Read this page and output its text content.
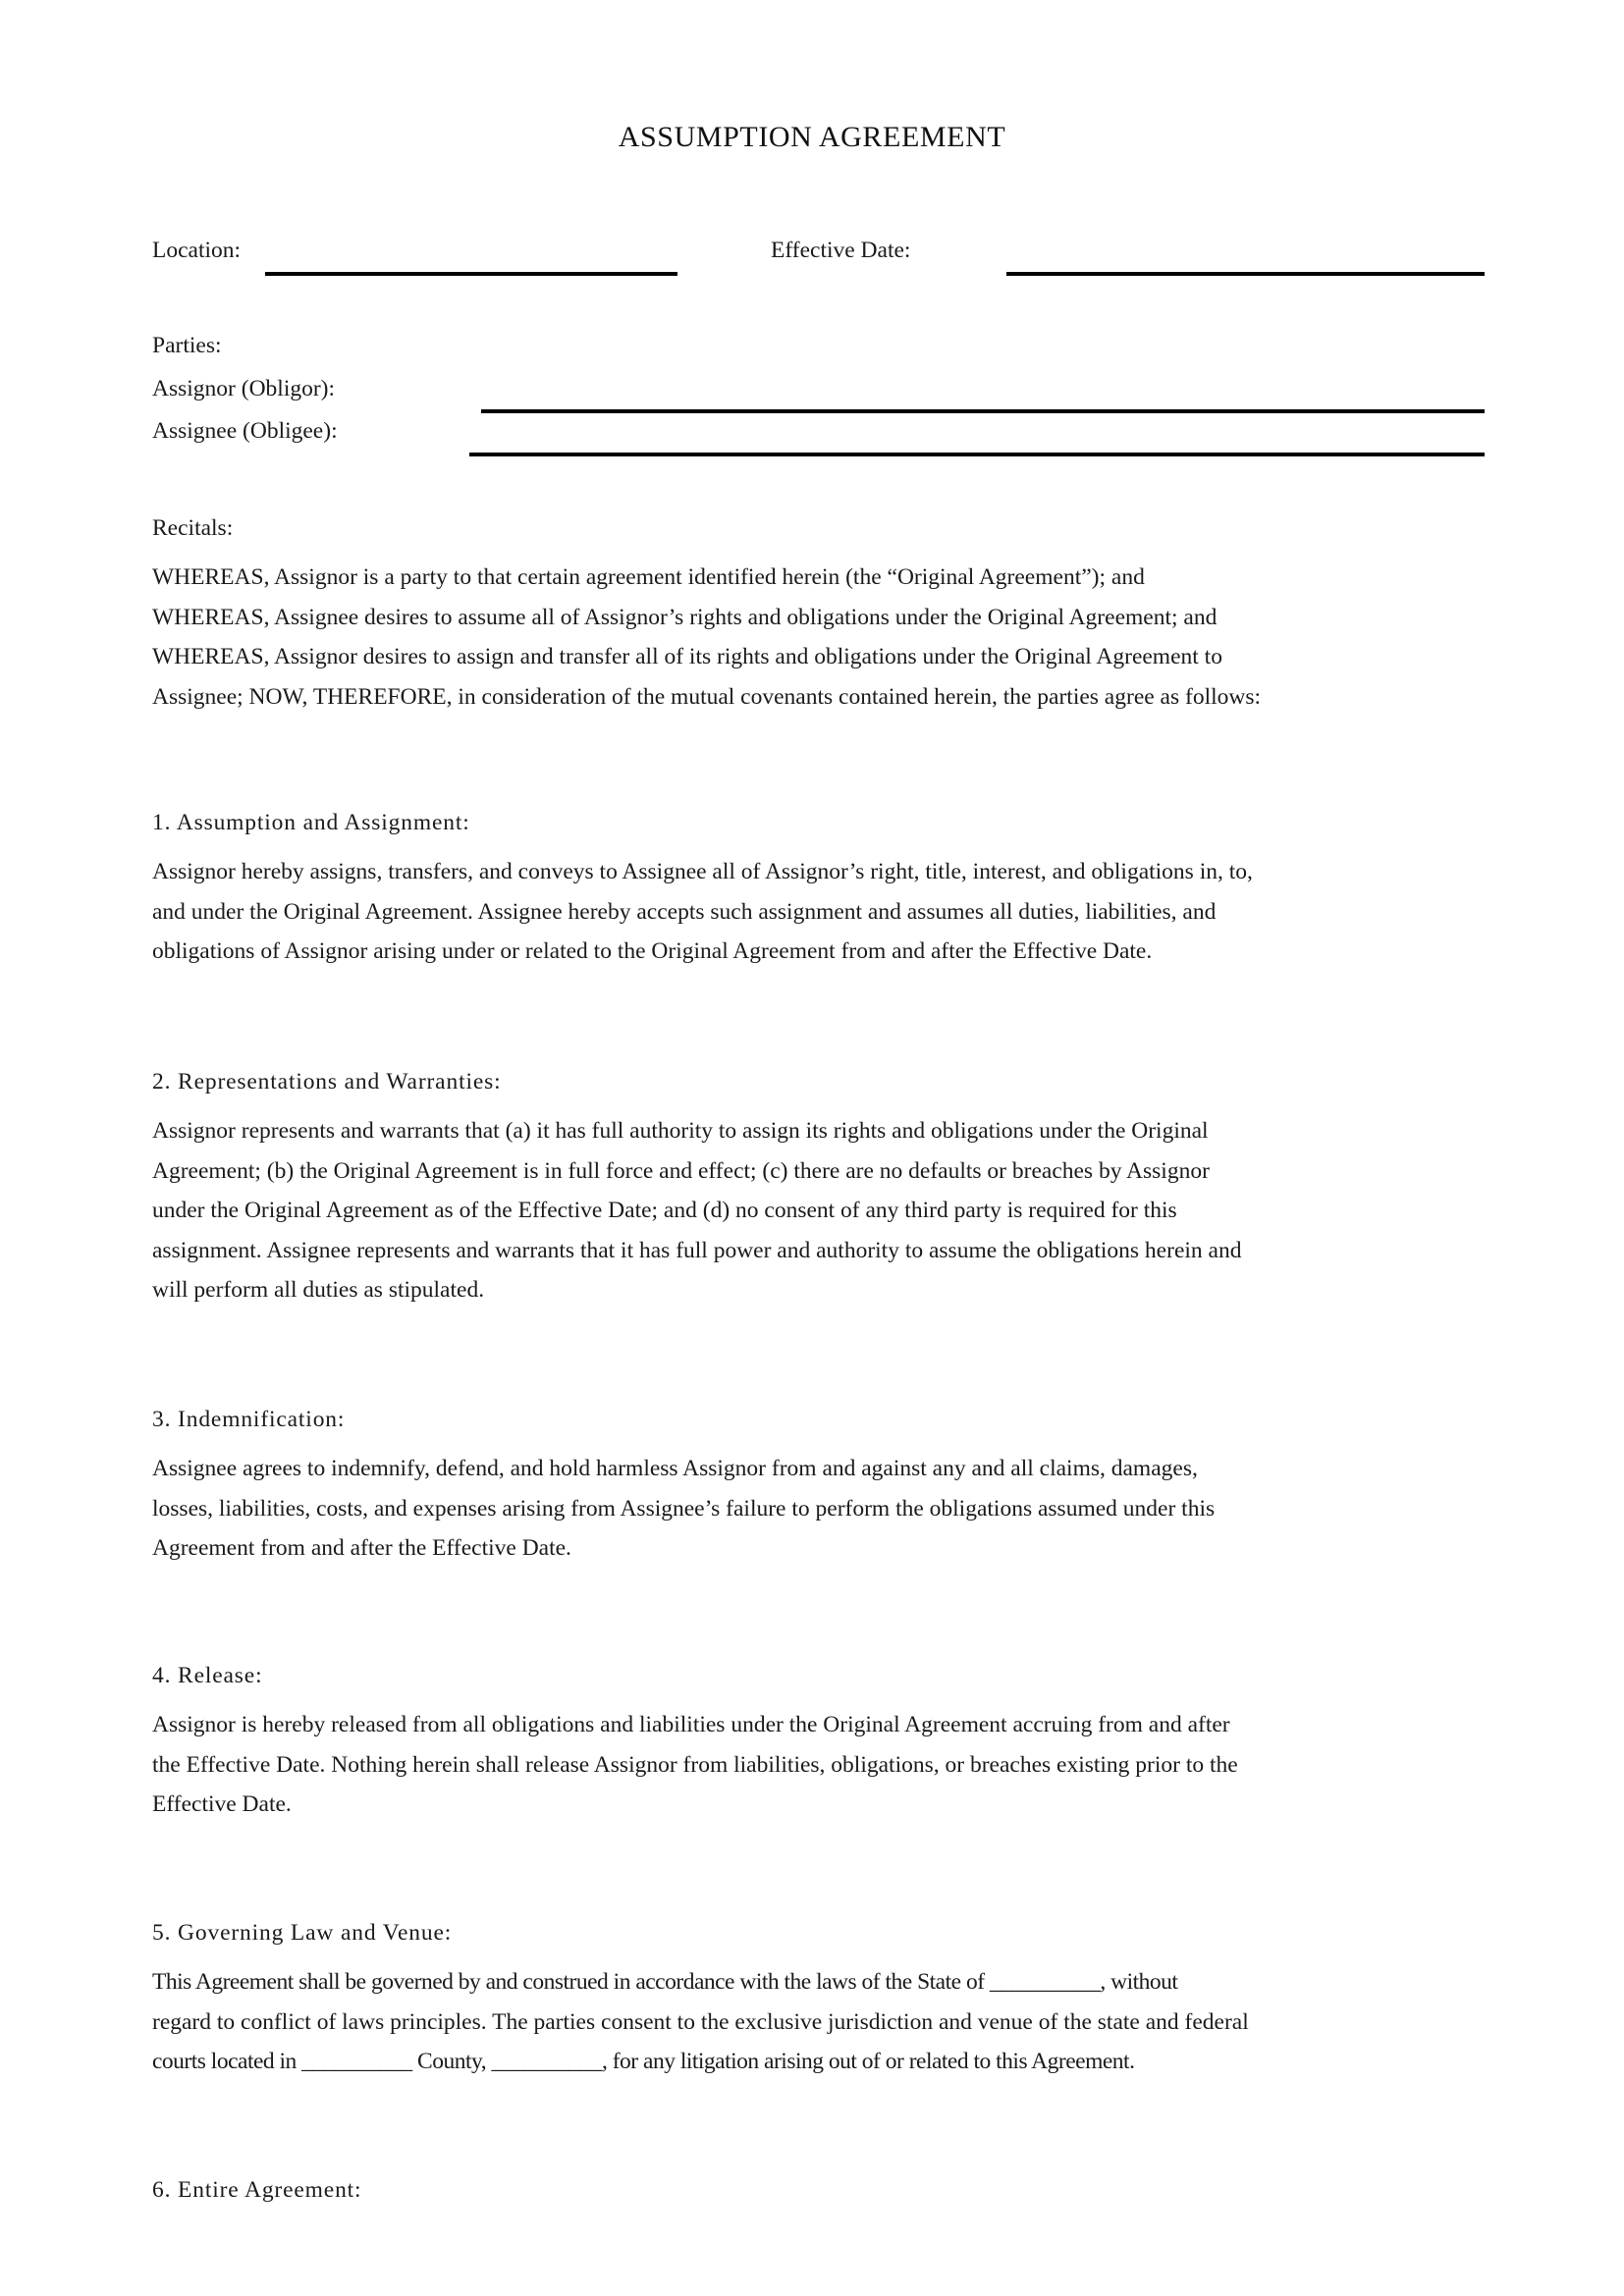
ASSUMPTION AGREEMENT
Location:	Effective Date:
Parties:
Assignor (Obligor):
Assignee (Obligee):
Recitals:
WHEREAS, Assignor is a party to that certain agreement identified herein (the “Original Agreement”); and
WHEREAS, Assignee desires to assume all of Assignor’s rights and obligations under the Original Agreement; and
WHEREAS, Assignor desires to assign and transfer all of its rights and obligations under the Original Agreement to
Assignee; NOW, THEREFORE, in consideration of the mutual covenants contained herein, the parties agree as follows:
1. Assumption and Assignment:
Assignor hereby assigns, transfers, and conveys to Assignee all of Assignor’s right, title, interest, and obligations in, to,
and under the Original Agreement. Assignee hereby accepts such assignment and assumes all duties, liabilities, and
obligations of Assignor arising under or related to the Original Agreement from and after the Effective Date.
2. Representations and Warranties:
Assignor represents and warrants that (a) it has full authority to assign its rights and obligations under the Original
Agreement; (b) the Original Agreement is in full force and effect; (c) there are no defaults or breaches by Assignor
under the Original Agreement as of the Effective Date; and (d) no consent of any third party is required for this
assignment. Assignee represents and warrants that it has full power and authority to assume the obligations herein and
will perform all duties as stipulated.
3. Indemnification:
Assignee agrees to indemnify, defend, and hold harmless Assignor from and against any and all claims, damages,
losses, liabilities, costs, and expenses arising from Assignee’s failure to perform the obligations assumed under this
Agreement from and after the Effective Date.
4. Release:
Assignor is hereby released from all obligations and liabilities under the Original Agreement accruing from and after
the Effective Date. Nothing herein shall release Assignor from liabilities, obligations, or breaches existing prior to the
Effective Date.
5. Governing Law and Venue:
This Agreement shall be governed by and construed in accordance with the laws of the State of __________, without
regard to conflict of laws principles. The parties consent to the exclusive jurisdiction and venue of the state and federal
courts located in __________ County, __________, for any litigation arising out of or related to this Agreement.
6. Entire Agreement:
